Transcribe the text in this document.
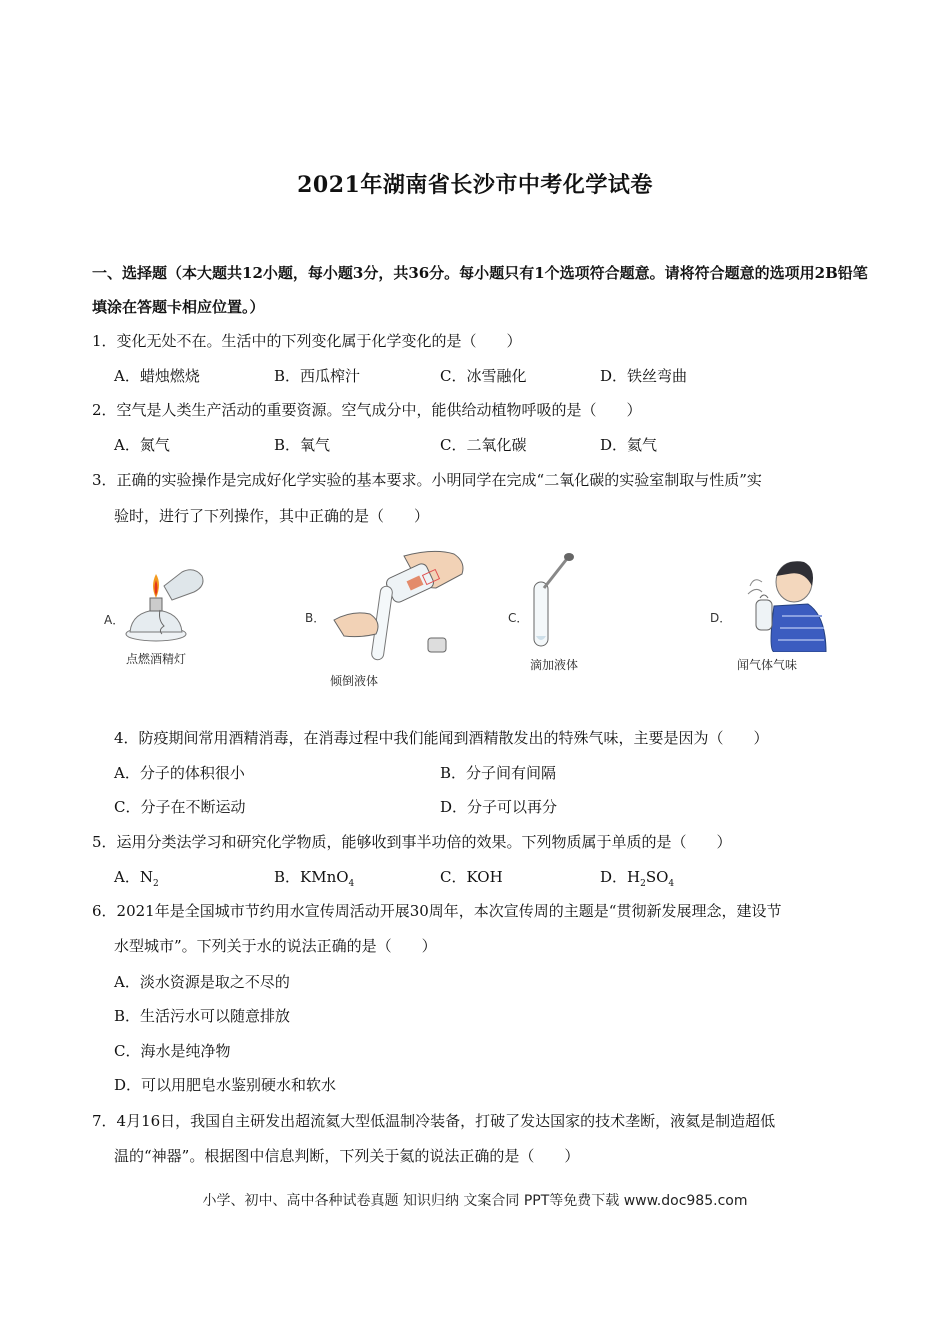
2021年湖南省长沙市中考化学试卷
一、选择题（本大题共12小题，每小题3分，共36分。每小题只有1个选项符合题意。请将符合题意的选项用2B铅笔填涂在答题卡相应位置。）
1．变化无处不在。生活中的下列变化属于化学变化的是（　　）
A．蜡烛燃烧	B．西瓜榨汁	C．冰雪融化	D．铁丝弯曲
2．空气是人类生产活动的重要资源。空气成分中，能供给动植物呼吸的是（　　）
A．氮气	B．氧气	C．二氧化碳	D．氦气
3．正确的实验操作是完成好化学实验的基本要求。小明同学在完成“二氧化碳的实验室制取与性质”实
验时，进行了下列操作，其中正确的是（　　）
A．
点燃酒精灯
B．
倾倒液体
C．
滴加液体
D．
闻气体气味
4．防疫期间常用酒精消毒，在消毒过程中我们能闻到酒精散发出的特殊气味，主要是因为（　　）
A．分子的体积很小	B．分子间有间隔
C．分子在不断运动	D．分子可以再分
5．运用分类法学习和研究化学物质，能够收到事半功倍的效果。下列物质属于单质的是（　　）
A．$N_2$	B．KMnO$_4$	C．KOH	D．$H_2SO_4$
6．2021年是全国城市节约用水宣传周活动开展30周年，本次宣传周的主题是“贯彻新发展理念，建设节
水型城市”。下列关于水的说法正确的是（　　）
A．淡水资源是取之不尽的
B．生活污水可以随意排放
C．海水是纯净物
D．可以用肥皂水鉴别硬水和软水
7．4月16日，我国自主研发出超流氦大型低温制冷装备，打破了发达国家的技术垄断，液氦是制造超低
温的“神器”。根据图中信息判断，下列关于氦的说法正确的是（　　）
小学、初中、高中各种试卷真题 知识归纳 文案合同 PPT等免费下载 www.doc985.com
